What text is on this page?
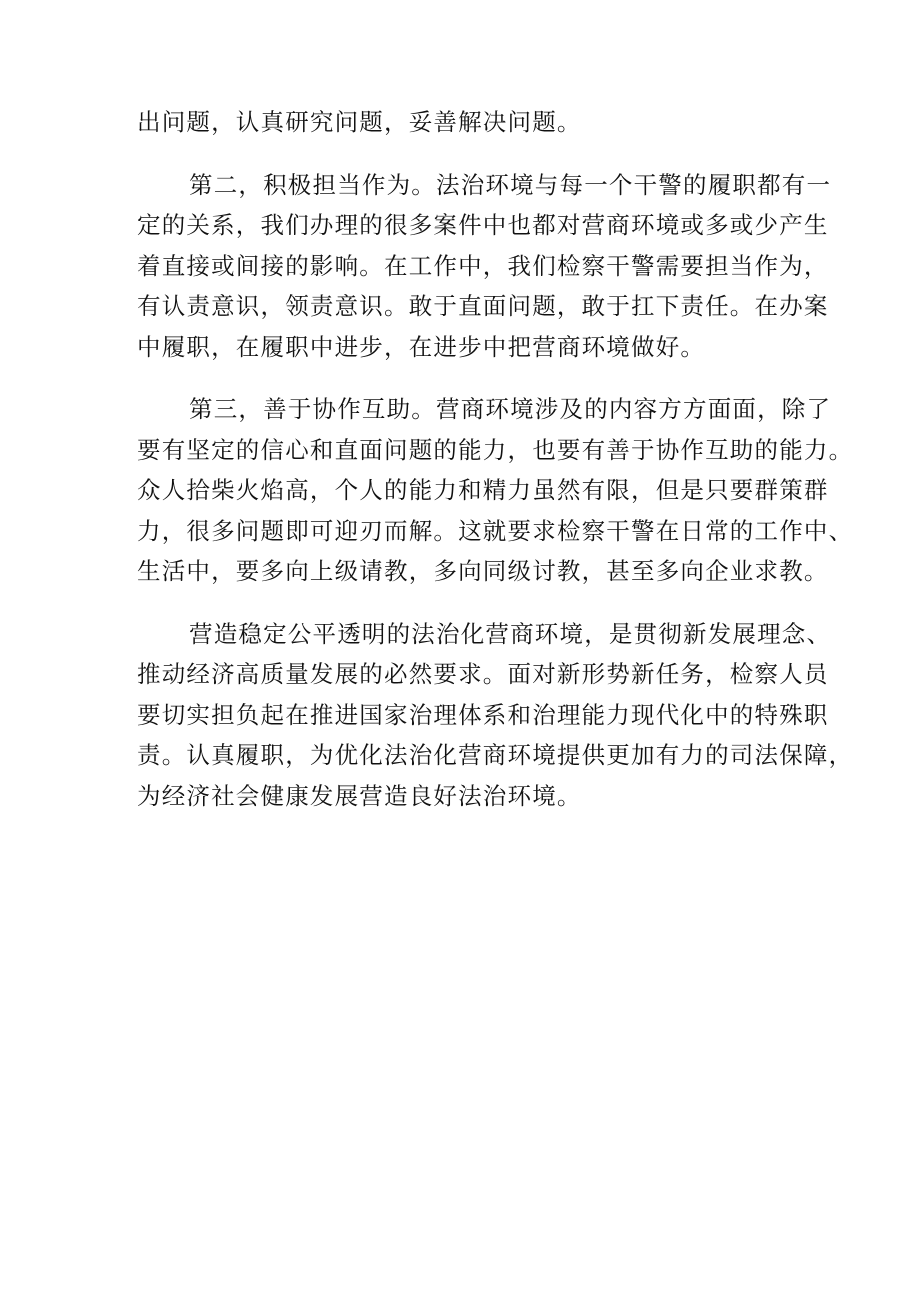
出问题，认真研究问题，妥善解决问题。
第二，积极担当作为。法治环境与每一个干警的履职都有一
定的关系，我们办理的很多案件中也都对营商环境或多或少产生
着直接或间接的影响。在工作中，我们检察干警需要担当作为，
有认责意识，领责意识。敢于直面问题，敢于扛下责任。在办案
中履职，在履职中进步，在进步中把营商环境做好。
第三，善于协作互助。营商环境涉及的内容方方面面，除了
要有坚定的信心和直面问题的能力，也要有善于协作互助的能力。
众人拾柴火焰高，个人的能力和精力虽然有限，但是只要群策群
力，很多问题即可迎刃而解。这就要求检察干警在日常的工作中、
生活中，要多向上级请教，多向同级讨教，甚至多向企业求教。
营造稳定公平透明的法治化营商环境，是贯彻新发展理念、
推动经济高质量发展的必然要求。面对新形势新任务，检察人员
要切实担负起在推进国家治理体系和治理能力现代化中的特殊职
责。认真履职，为优化法治化营商环境提供更加有力的司法保障，
为经济社会健康发展营造良好法治环境。
